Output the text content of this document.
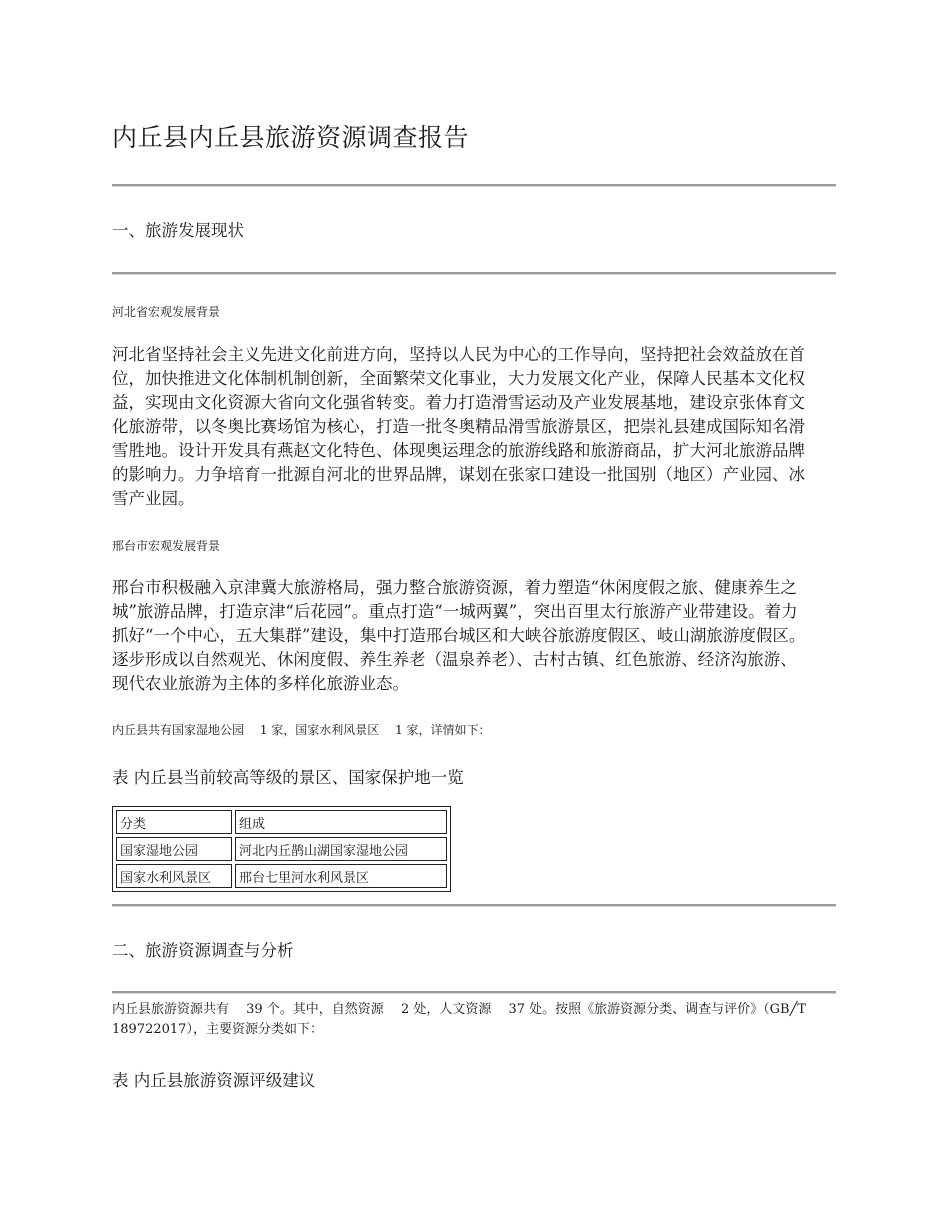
内丘县内丘县旅游资源调查报告
一、旅游发展现状
河北省宏观发展背景
河北省坚持社会主义先进文化前进方向，坚持以人民为中心的工作导向，坚持把社会效益放在首位，加快推进文化体制机制创新，全面繁荣文化事业，大力发展文化产业，保障人民基本文化权益，实现由文化资源大省向文化强省转变。着力打造滑雪运动及产业发展基地，建设京张体育文化旅游带，以冬奥比赛场馆为核心，打造一批冬奥精品滑雪旅游景区，把崇礼县建成国际知名滑雪胜地。设计开发具有燕赵文化特色、体现奥运理念的旅游线路和旅游商品，扩大河北旅游品牌的影响力。力争培育一批源自河北的世界品牌，谋划在张家口建设一批国别（地区）产业园、冰雪产业园。
邢台市宏观发展背景
邢台市积极融入京津冀大旅游格局，强力整合旅游资源，着力塑造“休闲度假之旅、健康养生之城”旅游品牌，打造京津“后花园”。重点打造“一城两翼”，突出百里太行旅游产业带建设。着力抓好“一个中心，五大集群”建设，集中打造邢台城区和大峡谷旅游度假区、岐山湖旅游度假区。逐步形成以自然观光、休闲度假、养生养老（温泉养老）、古村古镇、红色旅游、经济沟旅游、现代农业旅游为主体的多样化旅游业态。
内丘县共有国家湿地公园　 1 家，国家水利风景区　 1 家，详情如下：
表 内丘县当前较高等级的景区、国家保护地一览
分类	组成
国家湿地公园	河北内丘鹊山湖国家湿地公园
国家水利风景区	邢台七里河水利风景区
二、旅游资源调查与分析
内丘县旅游资源共有　 39 个。其中，自然资源　 2 处，人文资源　 37 处。按照《旅游资源分类、调查与评价》（GB╱T 189722017），主要资源分类如下：
表 内丘县旅游资源评级建议
